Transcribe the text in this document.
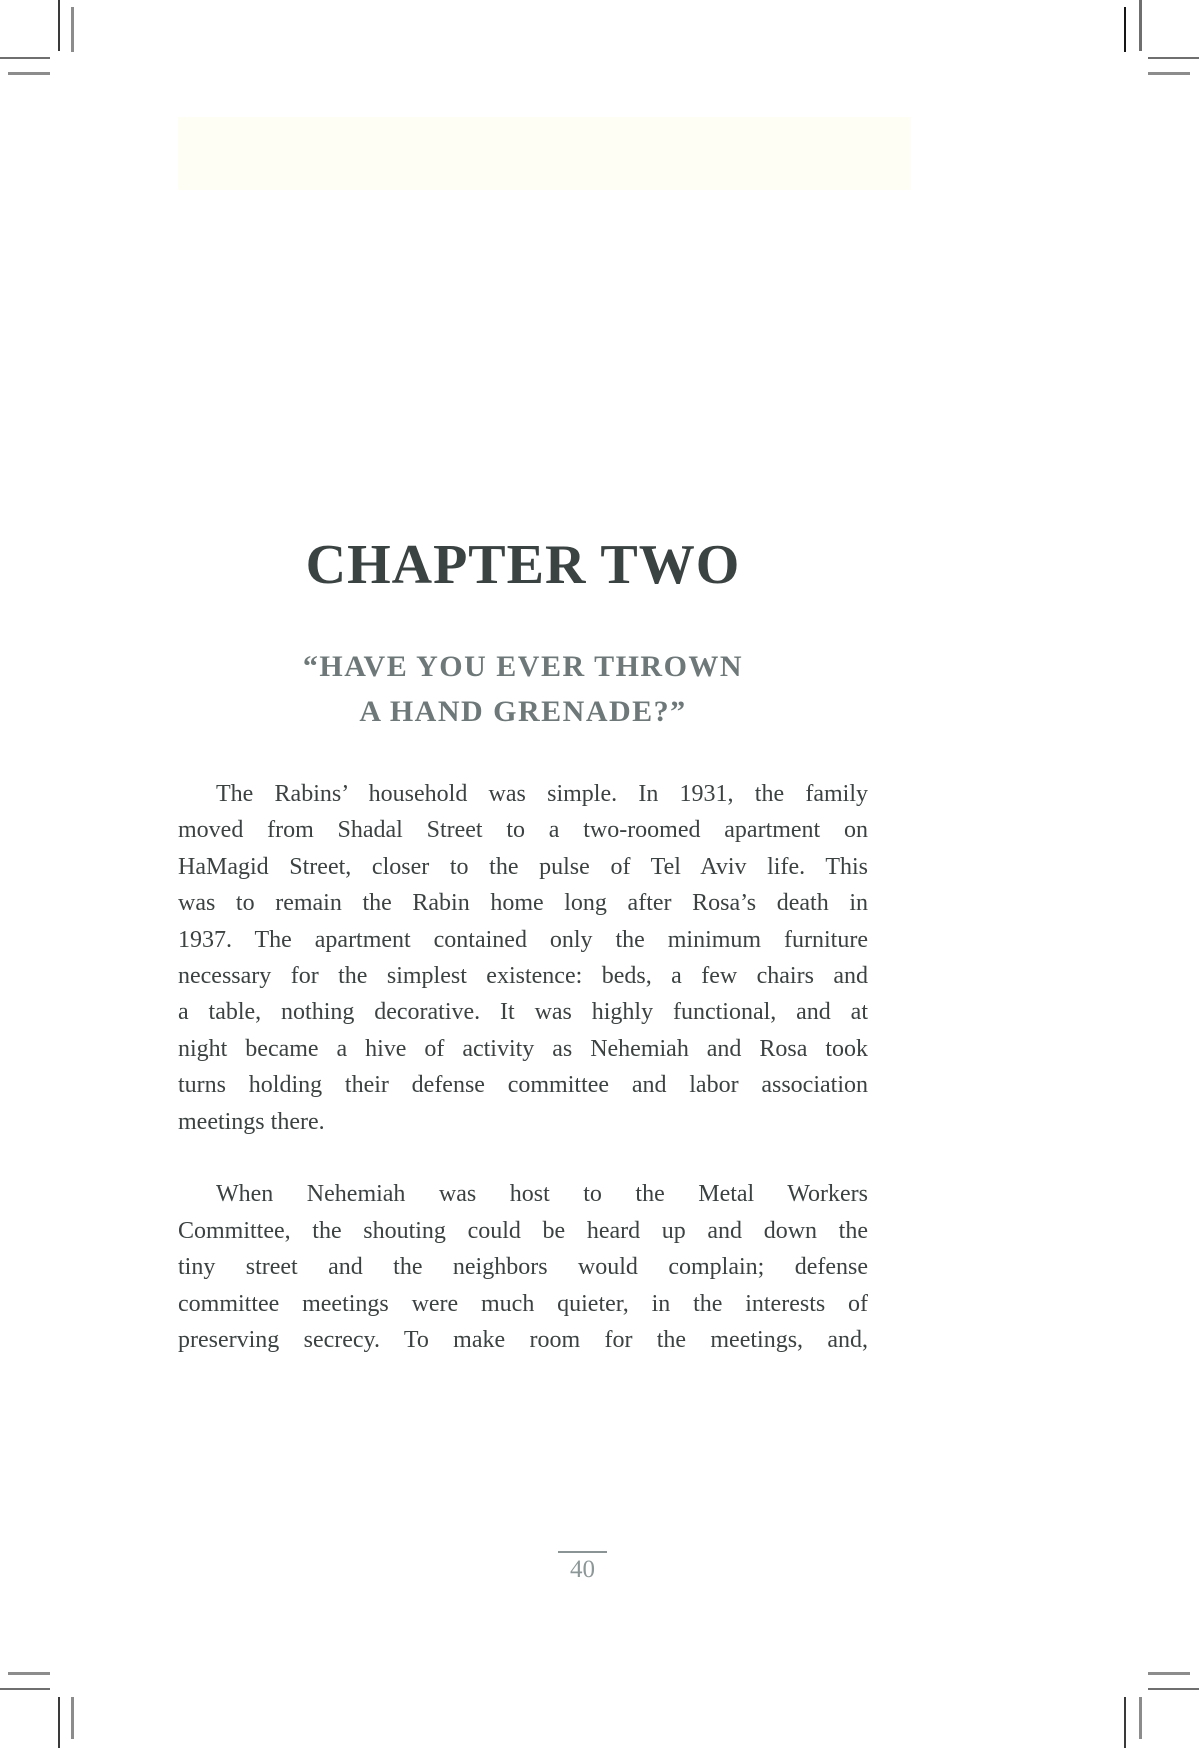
CHAPTER TWO
“HAVE YOU EVER THROWN
A HAND GRENADE?”

The Rabins’ household was simple. In 1931, the family
moved from Shadal Street to a two-roomed apartment on
HaMagid Street, closer to the pulse of Tel Aviv life. This
was to remain the Rabin home long after Rosa’s death in
1937. The apartment contained only the minimum furniture
necessary for the simplest existence: beds, a few chairs and
a table, nothing decorative. It was highly functional, and at
night became a hive of activity as Nehemiah and Rosa took
turns holding their defense committee and labor association
meetings there.

When Nehemiah was host to the Metal Workers
Committee, the shouting could be heard up and down the
tiny street and the neighbors would complain; defense
committee meetings were much quieter, in the interests of
preserving secrecy. To make room for the meetings, and,

40
